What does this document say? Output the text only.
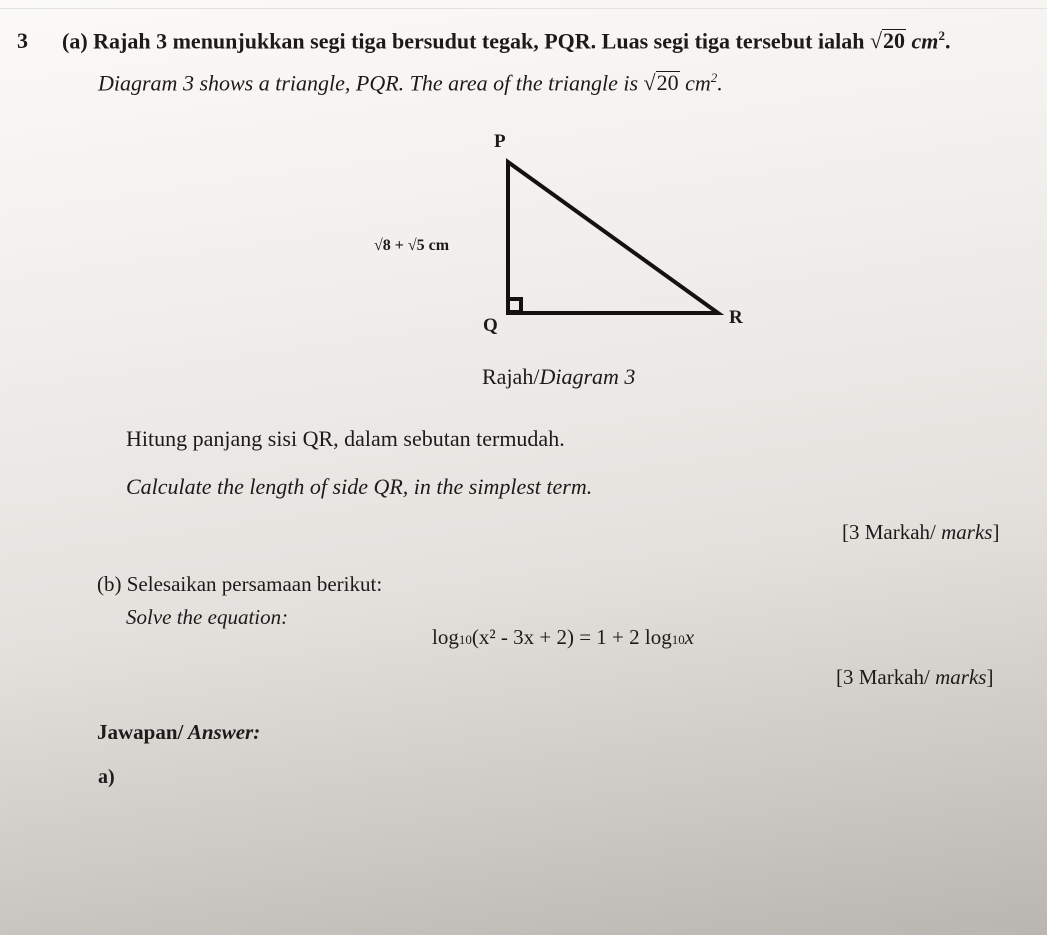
3 (a) Rajah 3 menunjukkan segi tiga bersudut tegak, PQR. Luas segi tiga tersebut ialah √20 $cm^2$.
Diagram 3 shows a triangle, PQR. The area of the triangle is √20 $cm^2$.
P
Q	R
√8 + √5 cm
Rajah/Diagram 3
Hitung panjang sisi QR, dalam sebutan termudah.
Calculate the length of side QR, in the simplest term.
[3 Markah/ marks]
(b) Selesaikan persamaan berikut:
Solve the equation:
log10(x² - 3x + 2) = 1 + 2 log10x
[3 Markah/ marks]
Jawapan/ Answer:
a)
